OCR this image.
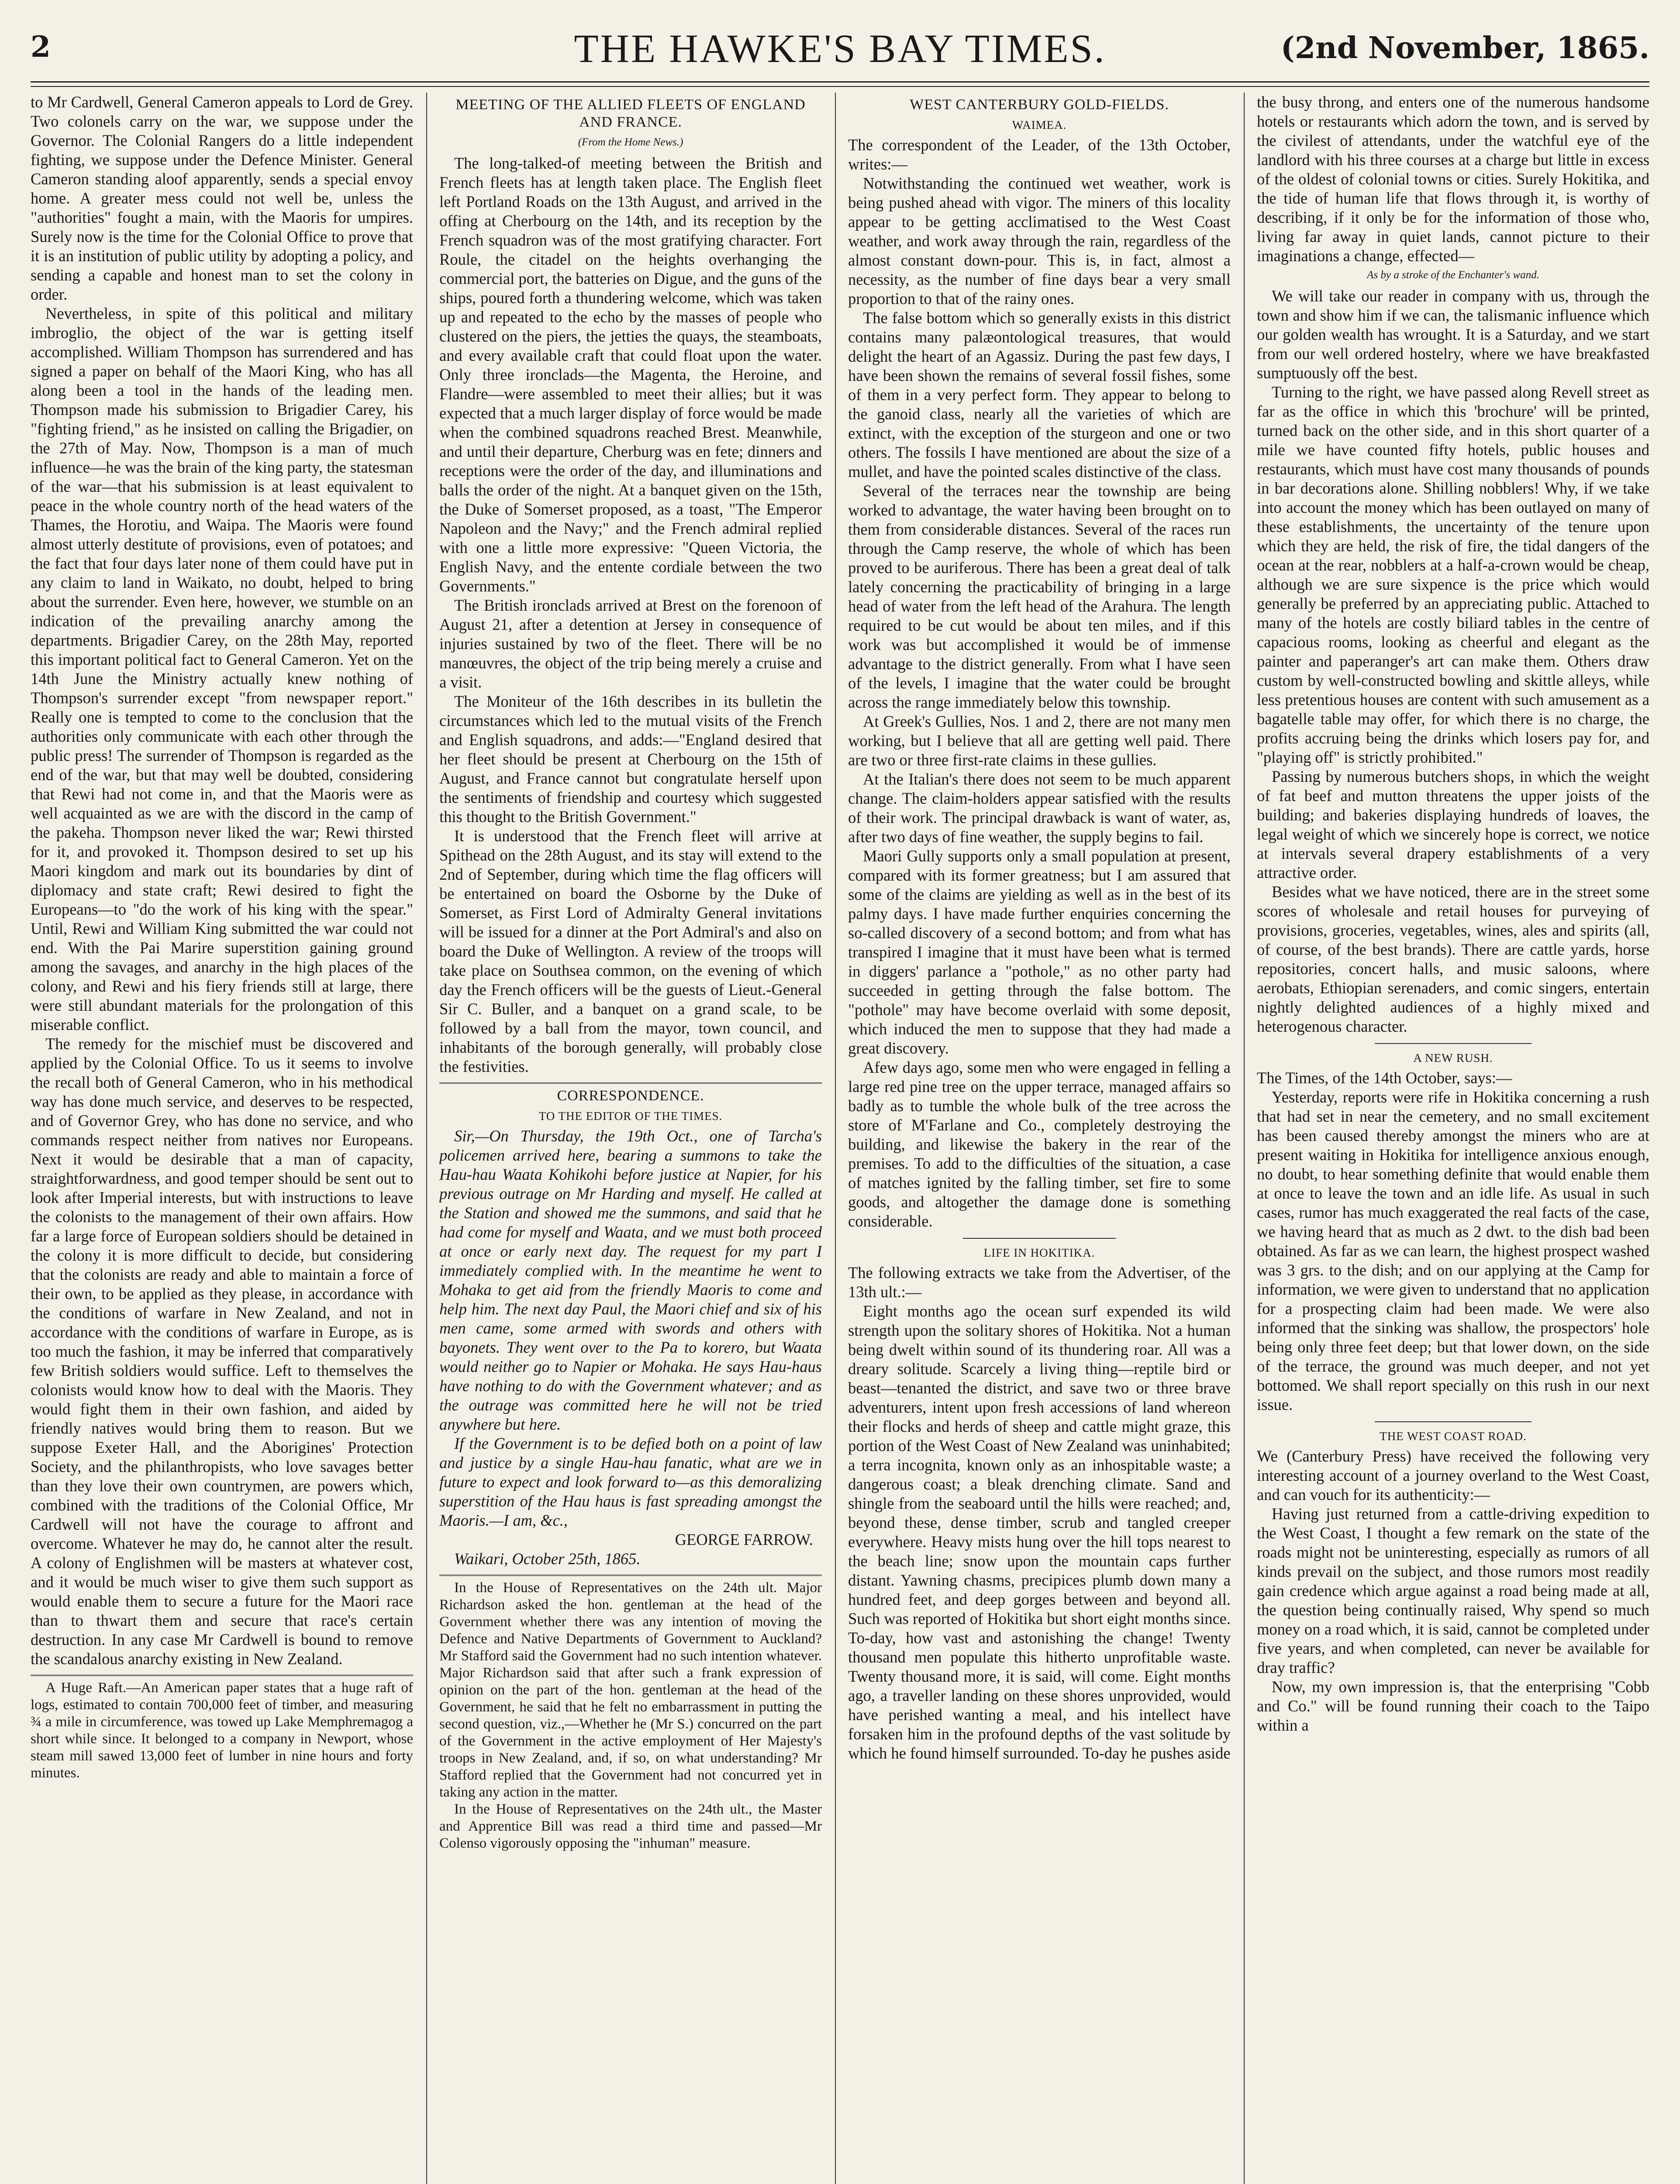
2	THE HAWKE'S BAY TIMES.	(2nd November, 1865.

to Mr Cardwell, General Cameron appeals to Lord de Grey. Two colonels carry on the war, we suppose under the Governor. The Colonial Rangers do a little independent fighting, we suppose under the Defence Minister. General Cameron standing aloof apparently, sends a special envoy home. A greater mess could not well be, unless the "authorities" fought a main, with the Maoris for umpires. Surely now is the time for the Colonial Office to prove that it is an institution of public utility by adopting a policy, and sending a capable and honest man to set the colony in order.

Nevertheless, in spite of this political and military imbroglio, the object of the war is getting itself accomplished. William Thompson has surrendered and has signed a paper on behalf of the Maori King, who has all along been a tool in the hands of the leading men. Thompson made his submission to Brigadier Carey, his "fighting friend," as he insisted on calling the Brigadier, on the 27th of May. Now, Thompson is a man of much influence—he was the brain of the king party, the statesman of the war—that his submission is at least equivalent to peace in the whole country north of the head waters of the Thames, the Horotiu, and Waipa. The Maoris were found almost utterly destitute of provisions, even of potatoes; and the fact that four days later none of them could have put in any claim to land in Waikato, no doubt, helped to bring about the surrender. Even here, however, we stumble on an indication of the prevailing anarchy among the departments. Brigadier Carey, on the 28th May, reported this important political fact to General Cameron. Yet on the 14th June the Ministry actually knew nothing of Thompson's surrender except "from newspaper report." Really one is tempted to come to the conclusion that the authorities only communicate with each other through the public press! The surrender of Thompson is regarded as the end of the war, but that may well be doubted, considering that Rewi had not come in, and that the Maoris were as well acquainted as we are with the discord in the camp of the pakeha. Thompson never liked the war; Rewi thirsted for it, and provoked it. Thompson desired to set up his Maori kingdom and mark out its boundaries by dint of diplomacy and state craft; Rewi desired to fight the Europeans—to "do the work of his king with the spear." Until, Rewi and William King submitted the war could not end. With the Pai Marire superstition gaining ground among the savages, and anarchy in the high places of the colony, and Rewi and his fiery friends still at large, there were still abundant materials for the prolongation of this miserable conflict.

The remedy for the mischief must be discovered and applied by the Colonial Office. To us it seems to involve the recall both of General Cameron, who in his methodical way has done much service, and deserves to be respected, and of Governor Grey, who has done no service, and who commands respect neither from natives nor Europeans. Next it would be desirable that a man of capacity, straightforwardness, and good temper should be sent out to look after Imperial interests, but with instructions to leave the colonists to the management of their own affairs. How far a large force of European soldiers should be detained in the colony it is more difficult to decide, but considering that the colonists are ready and able to maintain a force of their own, to be applied as they please, in accordance with the conditions of warfare in New Zealand, and not in accordance with the conditions of warfare in Europe, as is too much the fashion, it may be inferred that comparatively few British soldiers would suffice. Left to themselves the colonists would know how to deal with the Maoris. They would fight them in their own fashion, and aided by friendly natives would bring them to reason. But we suppose Exeter Hall, and the Aborigines' Protection Society, and the philanthropists, who love savages better than they love their own countrymen, are powers which, combined with the traditions of the Colonial Office, Mr Cardwell will not have the courage to affront and overcome. Whatever he may do, he cannot alter the result. A colony of Englishmen will be masters at whatever cost, and it would be much wiser to give them such support as would enable them to secure a future for the Maori race than to thwart them and secure that race's certain destruction. In any case Mr Cardwell is bound to remove the scandalous anarchy existing in New Zealand.

A Huge Raft.—An American paper states that a huge raft of logs, estimated to contain 700,000 feet of timber, and measuring ¾ a mile in circumference, was towed up Lake Memphremagog a short while since. It belonged to a company in Newport, whose steam mill sawed 13,000 feet of lumber in nine hours and forty minutes.

MEETING OF THE ALLIED FLEETS OF ENGLAND AND FRANCE.
(From the Home News.)

The long-talked-of meeting between the British and French fleets has at length taken place. The English fleet left Portland Roads on the 13th August, and arrived in the offing at Cherbourg on the 14th, and its reception by the French squadron was of the most gratifying character. Fort Roule, the citadel on the heights overhanging the commercial port, the batteries on Digue, and the guns of the ships, poured forth a thundering welcome, which was taken up and repeated to the echo by the masses of people who clustered on the piers, the jetties the quays, the steamboats, and every available craft that could float upon the water. Only three ironclads—the Magenta, the Heroine, and Flandre—were assembled to meet their allies; but it was expected that a much larger display of force would be made when the combined squadrons reached Brest. Meanwhile, and until their departure, Cherburg was en fete; dinners and receptions were the order of the day, and illuminations and balls the order of the night. At a banquet given on the 15th, the Duke of Somerset proposed, as a toast, "The Emperor Napoleon and the Navy;" and the French admiral replied with one a little more expressive: "Queen Victoria, the English Navy, and the entente cordiale between the two Governments."

The British ironclads arrived at Brest on the forenoon of August 21, after a detention at Jersey in consequence of injuries sustained by two of the fleet. There will be no manœuvres, the object of the trip being merely a cruise and a visit.

The Moniteur of the 16th describes in its bulletin the circumstances which led to the mutual visits of the French and English squadrons, and adds:—"England desired that her fleet should be present at Cherbourg on the 15th of August, and France cannot but congratulate herself upon the sentiments of friendship and courtesy which suggested this thought to the British Government."

It is understood that the French fleet will arrive at Spithead on the 28th August, and its stay will extend to the 2nd of September, during which time the flag officers will be entertained on board the Osborne by the Duke of Somerset, as First Lord of Admiralty General invitations will be issued for a dinner at the Port Admiral's and also on board the Duke of Wellington. A review of the troops will take place on Southsea common, on the evening of which day the French officers will be the guests of Lieut.-General Sir C. Buller, and a banquet on a grand scale, to be followed by a ball from the mayor, town council, and inhabitants of the borough generally, will probably close the festivities.

CORRESPONDENCE.
TO THE EDITOR OF THE TIMES.

Sir,—On Thursday, the 19th Oct., one of Tarcha's policemen arrived here, bearing a summons to take the Hau-hau Waata Kohikohi before justice at Napier, for his previous outrage on Mr Harding and myself. He called at the Station and showed me the summons, and said that he had come for myself and Waata, and we must both proceed at once or early next day. The request for my part I immediately complied with. In the meantime he went to Mohaka to get aid from the friendly Maoris to come and help him. The next day Paul, the Maori chief and six of his men came, some armed with swords and others with bayonets. They went over to the Pa to korero, but Waata would neither go to Napier or Mohaka. He says Hau-haus have nothing to do with the Government whatever; and as the outrage was committed here he will not be tried anywhere but here.

If the Government is to be defied both on a point of law and justice by a single Hau-hau fanatic, what are we in future to expect and look forward to—as this demoralizing superstition of the Hau haus is fast spreading amongst the Maoris.—I am, &c.,

GEORGE FARROW.

Waikari, October 25th, 1865.

In the House of Representatives on the 24th ult. Major Richardson asked the hon. gentleman at the head of the Government whether there was any intention of moving the Defence and Native Departments of Government to Auckland? Mr Stafford said the Government had no such intention whatever. Major Richardson said that after such a frank expression of opinion on the part of the hon. gentleman at the head of the Government, he said that he felt no embarrassment in putting the second question, viz.,—Whether he (Mr S.) concurred on the part of the Government in the active employment of Her Majesty's troops in New Zealand, and, if so, on what understanding? Mr Stafford replied that the Government had not concurred yet in taking any action in the matter.

In the House of Representatives on the 24th ult., the Master and Apprentice Bill was read a third time and passed—Mr Colenso vigorously opposing the "inhuman" measure.

WEST CANTERBURY GOLD-FIELDS.
WAIMEA.

The correspondent of the Leader, of the 13th October, writes:—

Notwithstanding the continued wet weather, work is being pushed ahead with vigor. The miners of this locality appear to be getting acclimatised to the West Coast weather, and work away through the rain, regardless of the almost constant down-pour. This is, in fact, almost a necessity, as the number of fine days bear a very small proportion to that of the rainy ones.

The false bottom which so generally exists in this district contains many palæontological treasures, that would delight the heart of an Agassiz. During the past few days, I have been shown the remains of several fossil fishes, some of them in a very perfect form. They appear to belong to the ganoid class, nearly all the varieties of which are extinct, with the exception of the sturgeon and one or two others. The fossils I have mentioned are about the size of a mullet, and have the pointed scales distinctive of the class.

Several of the terraces near the township are being worked to advantage, the water having been brought on to them from considerable distances. Several of the races run through the Camp reserve, the whole of which has been proved to be auriferous. There has been a great deal of talk lately concerning the practicability of bringing in a large head of water from the left head of the Arahura. The length required to be cut would be about ten miles, and if this work was but accomplished it would be of immense advantage to the district generally. From what I have seen of the levels, I imagine that the water could be brought across the range immediately below this township.

At Greek's Gullies, Nos. 1 and 2, there are not many men working, but I believe that all are getting well paid. There are two or three first-rate claims in these gullies.

At the Italian's there does not seem to be much apparent change. The claim-holders appear satisfied with the results of their work. The principal drawback is want of water, as, after two days of fine weather, the supply begins to fail.

Maori Gully supports only a small population at present, compared with its former greatness; but I am assured that some of the claims are yielding as well as in the best of its palmy days. I have made further enquiries concerning the so-called discovery of a second bottom; and from what has transpired I imagine that it must have been what is termed in diggers' parlance a "pothole," as no other party had succeeded in getting through the false bottom. The "pothole" may have become overlaid with some deposit, which induced the men to suppose that they had made a great discovery.

Afew days ago, some men who were engaged in felling a large red pine tree on the upper terrace, managed affairs so badly as to tumble the whole bulk of the tree across the store of M'Farlane and Co., completely destroying the building, and likewise the bakery in the rear of the premises. To add to the difficulties of the situation, a case of matches ignited by the falling timber, set fire to some goods, and altogether the damage done is something considerable.

LIFE IN HOKITIKA.

The following extracts we take from the Advertiser, of the 13th ult.:—

Eight months ago the ocean surf expended its wild strength upon the solitary shores of Hokitika. Not a human being dwelt within sound of its thundering roar. All was a dreary solitude. Scarcely a living thing—reptile bird or beast—tenanted the district, and save two or three brave adventurers, intent upon fresh accessions of land whereon their flocks and herds of sheep and cattle might graze, this portion of the West Coast of New Zealand was uninhabited; a terra incognita, known only as an inhospitable waste; a dangerous coast; a bleak drenching climate. Sand and shingle from the seaboard until the hills were reached; and, beyond these, dense timber, scrub and tangled creeper everywhere. Heavy mists hung over the hill tops nearest to the beach line; snow upon the mountain caps further distant. Yawning chasms, precipices plumb down many a hundred feet, and deep gorges between and beyond all. Such was reported of Hokitika but short eight months since. To-day, how vast and astonishing the change! Twenty thousand men populate this hitherto unprofitable waste. Twenty thousand more, it is said, will come. Eight months ago, a traveller landing on these shores unprovided, would have perished wanting a meal, and his intellect have forsaken him in the profound depths of the vast solitude by which he found himself surrounded. To-day he pushes aside

the busy throng, and enters one of the numerous handsome hotels or restaurants which adorn the town, and is served by the civilest of attendants, under the watchful eye of the landlord with his three courses at a charge but little in excess of the oldest of colonial towns or cities. Surely Hokitika, and the tide of human life that flows through it, is worthy of describing, if it only be for the information of those who, living far away in quiet lands, cannot picture to their imaginations a change, effected—

As by a stroke of the Enchanter's wand.

We will take our reader in company with us, through the town and show him if we can, the talismanic influence which our golden wealth has wrought. It is a Saturday, and we start from our well ordered hostelry, where we have breakfasted sumptuously off the best.

Turning to the right, we have passed along Revell street as far as the office in which this 'brochure' will be printed, turned back on the other side, and in this short quarter of a mile we have counted fifty hotels, public houses and restaurants, which must have cost many thousands of pounds in bar decorations alone. Shilling nobblers! Why, if we take into account the money which has been outlayed on many of these establishments, the uncertainty of the tenure upon which they are held, the risk of fire, the tidal dangers of the ocean at the rear, nobblers at a half-a-crown would be cheap, although we are sure sixpence is the price which would generally be preferred by an appreciating public. Attached to many of the hotels are costly biliard tables in the centre of capacious rooms, looking as cheerful and elegant as the painter and paperanger's art can make them. Others draw custom by well-constructed bowling and skittle alleys, while less pretentious houses are content with such amusement as a bagatelle table may offer, for which there is no charge, the profits accruing being the drinks which losers pay for, and "playing off" is strictly prohibited."

Passing by numerous butchers shops, in which the weight of fat beef and mutton threatens the upper joists of the building; and bakeries displaying hundreds of loaves, the legal weight of which we sincerely hope is correct, we notice at intervals several drapery establishments of a very attractive order.

Besides what we have noticed, there are in the street some scores of wholesale and retail houses for purveying of provisions, groceries, vegetables, wines, ales and spirits (all, of course, of the best brands). There are cattle yards, horse repositories, concert halls, and music saloons, where aerobats, Ethiopian serenaders, and comic singers, entertain nightly delighted audiences of a highly mixed and heterogenous character.

A NEW RUSH.

The Times, of the 14th October, says:—

Yesterday, reports were rife in Hokitika concerning a rush that had set in near the cemetery, and no small excitement has been caused thereby amongst the miners who are at present waiting in Hokitika for intelligence anxious enough, no doubt, to hear something definite that would enable them at once to leave the town and an idle life. As usual in such cases, rumor has much exaggerated the real facts of the case, we having heard that as much as 2 dwt. to the dish bad been obtained. As far as we can learn, the highest prospect washed was 3 grs. to the dish; and on our applying at the Camp for information, we were given to understand that no application for a prospecting claim had been made. We were also informed that the sinking was shallow, the prospectors' hole being only three feet deep; but that lower down, on the side of the terrace, the ground was much deeper, and not yet bottomed. We shall report specially on this rush in our next issue.

THE WEST COAST ROAD.

We (Canterbury Press) have received the following very interesting account of a journey overland to the West Coast, and can vouch for its authenticity:—

Having just returned from a cattle-driving expedition to the West Coast, I thought a few remark on the state of the roads might not be uninteresting, especially as rumors of all kinds prevail on the subject, and those rumors most readily gain credence which argue against a road being made at all, the question being continually raised, Why spend so much money on a road which, it is said, cannot be completed under five years, and when completed, can never be available for dray traffic?

Now, my own impression is, that the enterprising "Cobb and Co." will be found running their coach to the Taipo within a
